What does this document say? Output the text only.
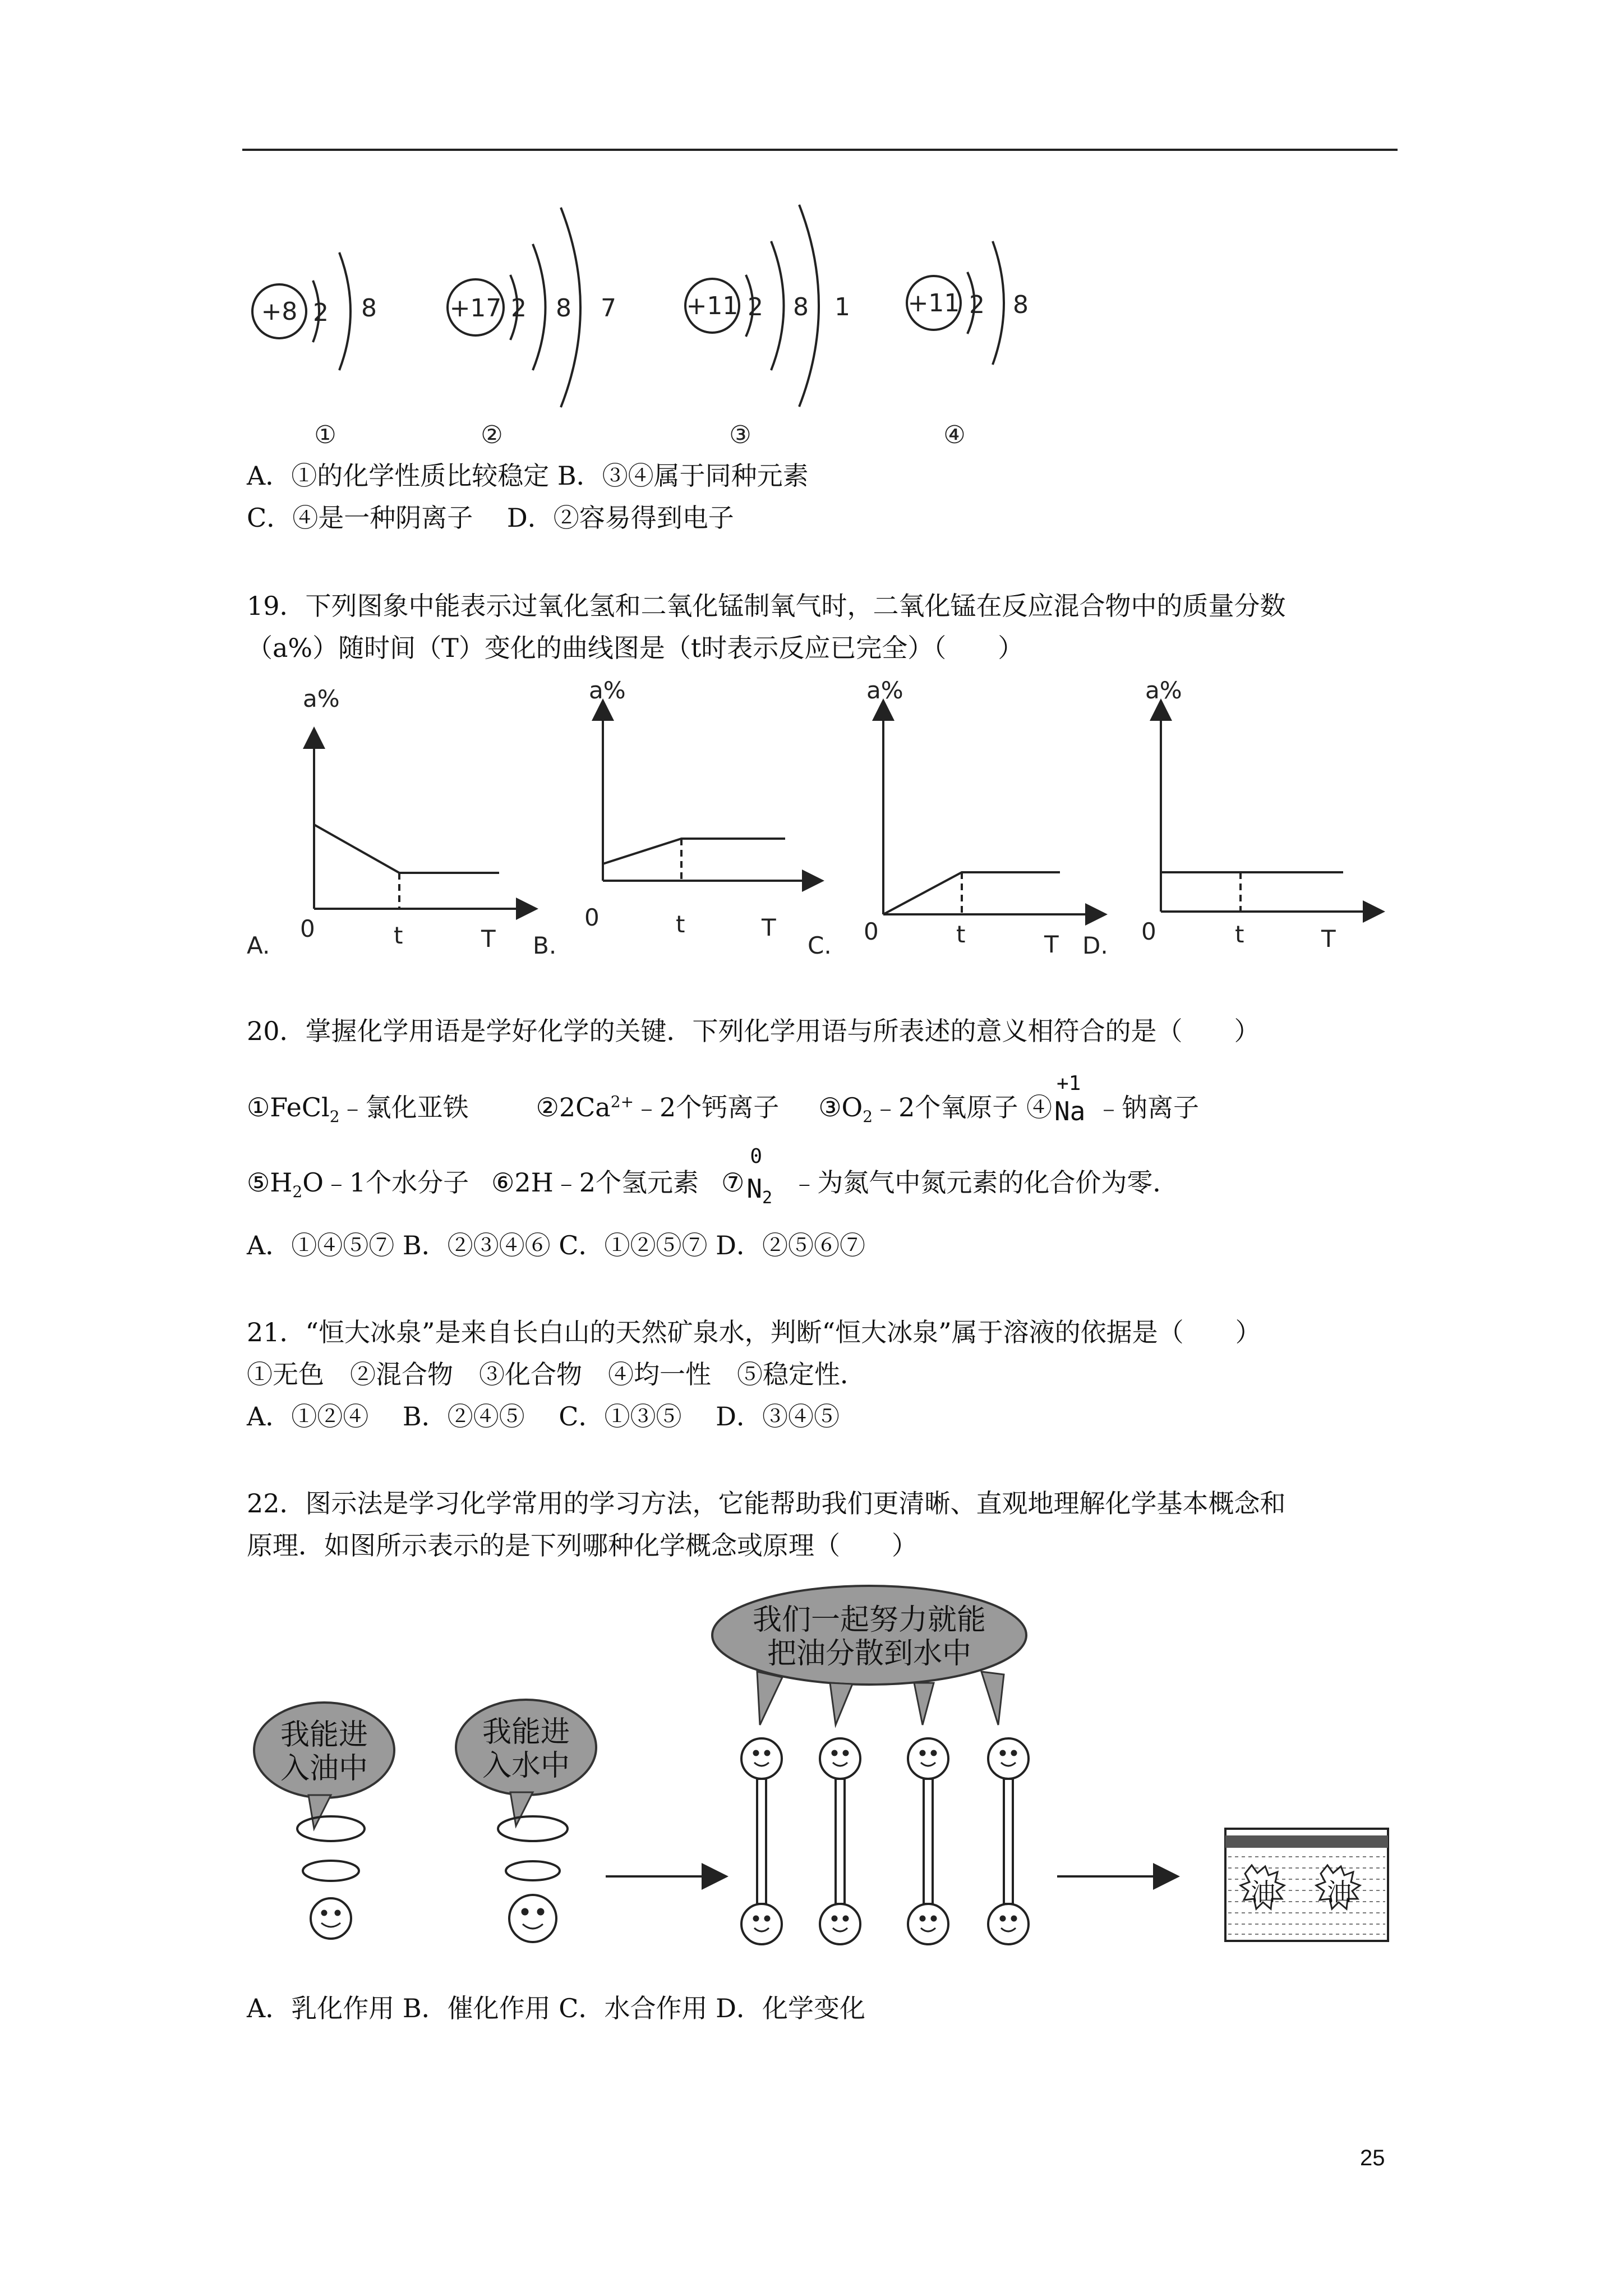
+8 2 8
①
+17 2 8 7
②
+11 2 8 1
③
+11 2 8
④
A．①的化学性质比较稳定 B．③④属于同种元素
C．④是一种阴离子　 D．②容易得到电子
19．下列图象中能表示过氧化氢和二氧化锰制氧气时，二氧化锰在反应混合物中的质量分数
（a%）随时间（T）变化的曲线图是（t时表示反应已完全）（　　）
a%
0	t	T
A.
a%
0	t	T
B.
a%
0	t	T
C.
a%
0	t	T
D.
20．掌握化学用语是学好化学的关键．下列化学用语与所表述的意义相符合的是（　　）
①FeCl$_2$﹣氯化亚铁	$②2Ca^{2+}﹣2$个钙离子 $③O_2﹣2$个氧原子 ④
+1
Na ﹣钠离子
$⑤H_2O﹣1$个水分子 ⑥2H﹣2个氢元素 ⑦
0
$N_2$
﹣为氮气中氮元素的化合价为零．
A．①④⑤⑦ B．②③④⑥ C．①②⑤⑦ D．②⑤⑥⑦
21．“恒大冰泉”是来自长白山的天然矿泉水，判断“恒大冰泉”属于溶液的依据是（　　）
①无色　②混合物　③化合物　④均一性　⑤稳定性．
A．①②④　 B．②④⑤　 C．①③⑤　 D．③④⑤
22．图示法是学习化学常用的学习方法，它能帮助我们更清晰、直观地理解化学基本概念和
原理．如图所示表示的是下列哪种化学概念或原理（　　）
我能进
入油中
我能进
入水中
我们一起努力就能
把油分散到水中
油 油
A．乳化作用 B．催化作用 C．水合作用 D．化学变化
25
